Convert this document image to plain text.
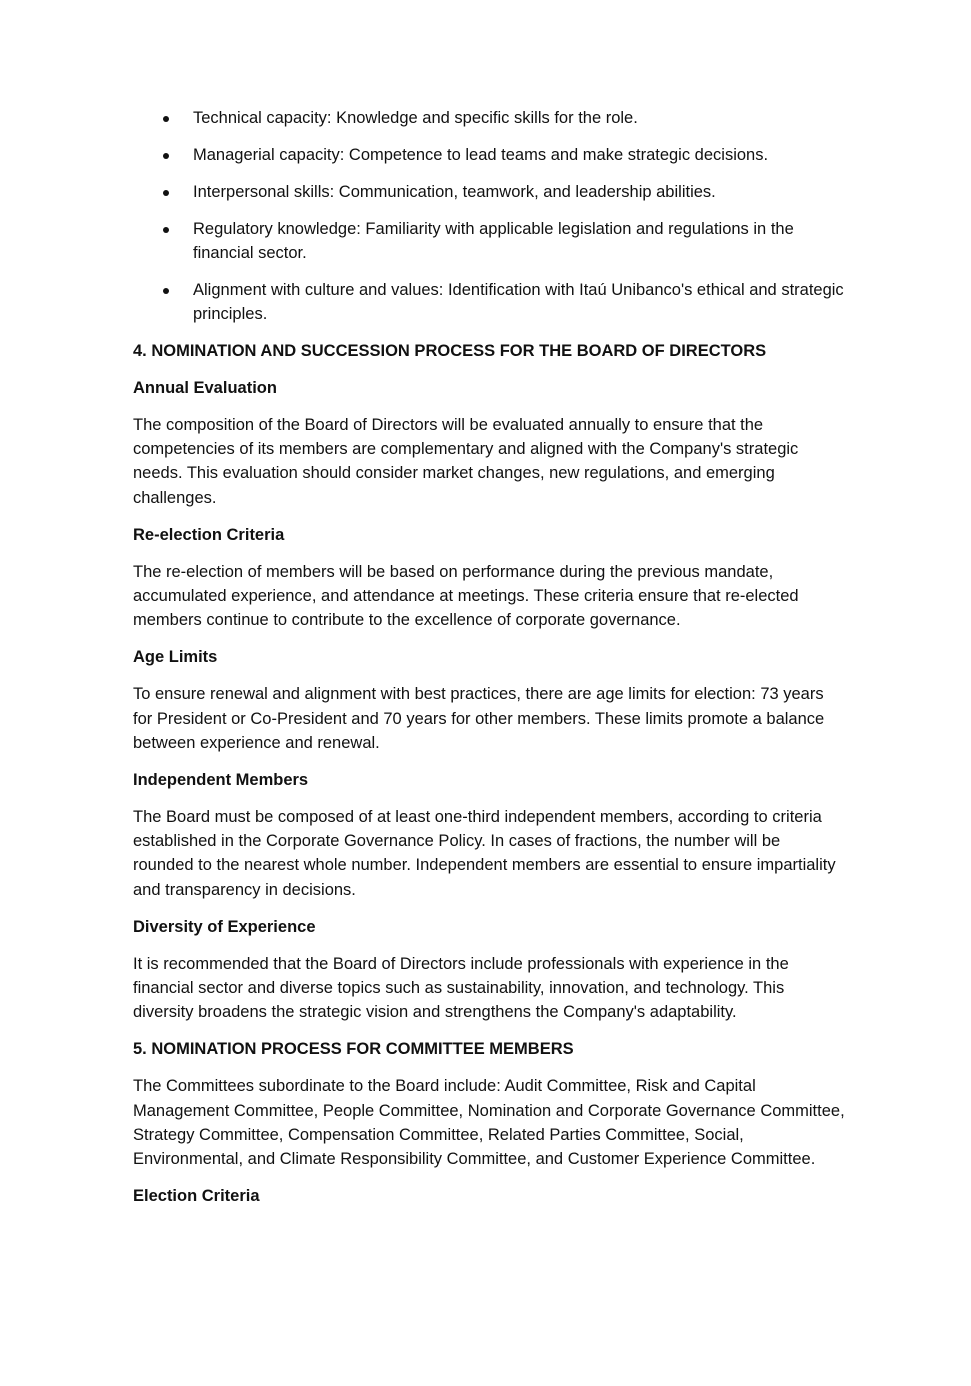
Technical capacity: Knowledge and specific skills for the role.
Managerial capacity: Competence to lead teams and make strategic decisions.
Interpersonal skills: Communication, teamwork, and leadership abilities.
Regulatory knowledge: Familiarity with applicable legislation and regulations in the financial sector.
Alignment with culture and values: Identification with Itaú Unibanco's ethical and strategic principles.
4. NOMINATION AND SUCCESSION PROCESS FOR THE BOARD OF DIRECTORS
Annual Evaluation

The composition of the Board of Directors will be evaluated annually to ensure that the competencies of its members are complementary and aligned with the Company's strategic needs. This evaluation should consider market changes, new regulations, and emerging challenges.

Re-election Criteria

The re-election of members will be based on performance during the previous mandate, accumulated experience, and attendance at meetings. These criteria ensure that re-elected members continue to contribute to the excellence of corporate governance.

Age Limits

To ensure renewal and alignment with best practices, there are age limits for election: 73 years for President or Co-President and 70 years for other members. These limits promote a balance between experience and renewal.

Independent Members

The Board must be composed of at least one-third independent members, according to criteria established in the Corporate Governance Policy. In cases of fractions, the number will be rounded to the nearest whole number. Independent members are essential to ensure impartiality and transparency in decisions.

Diversity of Experience

It is recommended that the Board of Directors include professionals with experience in the financial sector and diverse topics such as sustainability, innovation, and technology. This diversity broadens the strategic vision and strengthens the Company's adaptability.

5. NOMINATION PROCESS FOR COMMITTEE MEMBERS

The Committees subordinate to the Board include: Audit Committee, Risk and Capital Management Committee, People Committee, Nomination and Corporate Governance Committee, Strategy Committee, Compensation Committee, Related Parties Committee, Social, Environmental, and Climate Responsibility Committee, and Customer Experience Committee.

Election Criteria
